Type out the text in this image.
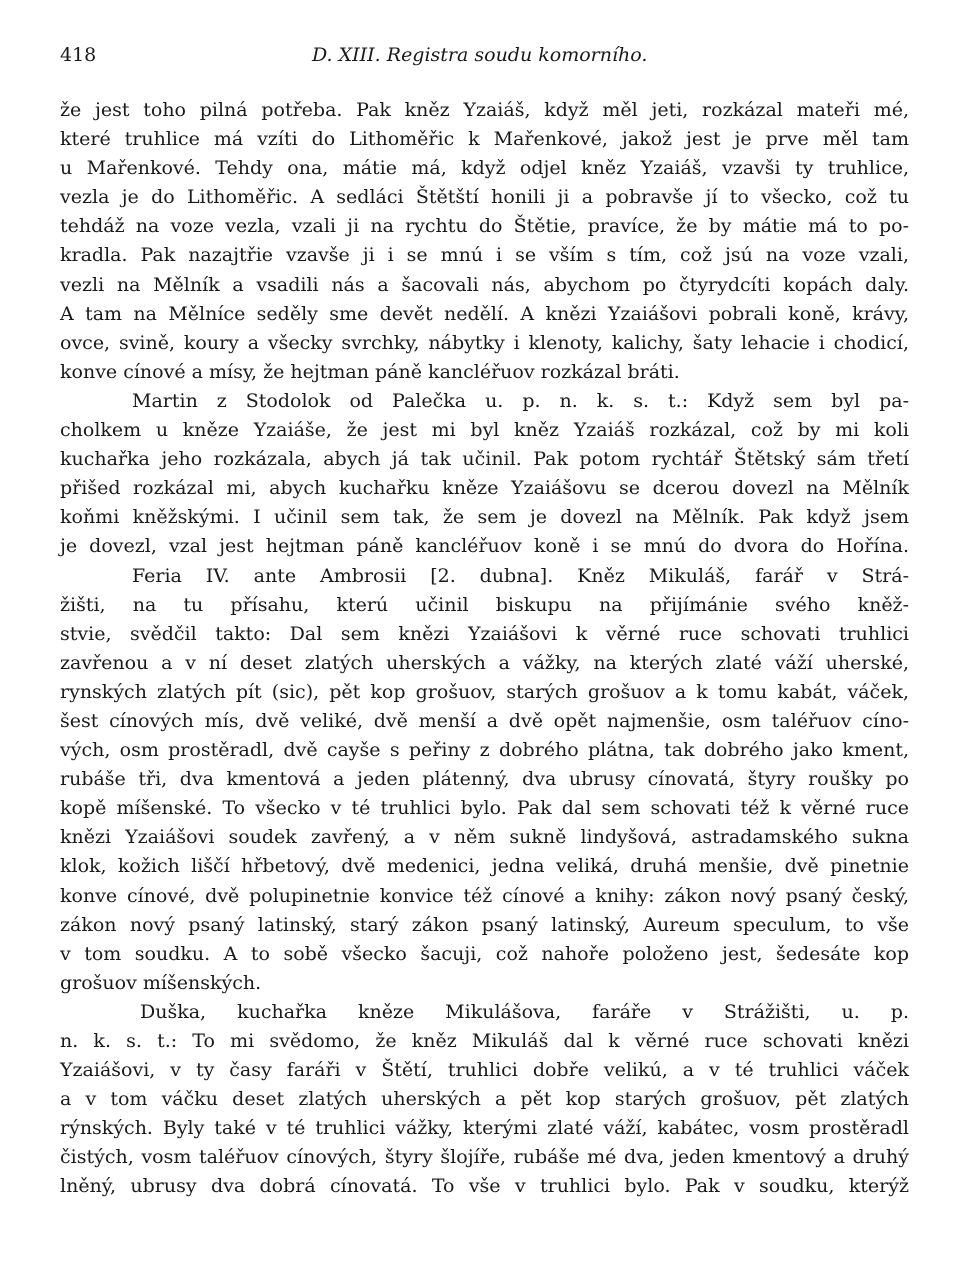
418	D. XIII. Registra soudu komorního.
že jest toho pilná potřeba. Pak kněz Yzaiáš, když měl jeti, rozkázal mateři mé,
které truhlice má vzíti do Lithoměřic k Mařenkové, jakož jest je prve měl tam
u Mařenkové. Tehdy ona, mátie má, když odjel kněz Yzaiáš, vzavši ty truhlice,
vezla je do Lithoměřic. A sedláci Štětští honili ji a pobravše jí to všecko, což tu
tehdáž na voze vezla, vzali ji na rychtu do Štětie, pravíce, že by mátie má to po-
kradla. Pak nazajtřie vzavše ji i se mnú i se vším s tím, což jsú na voze vzali,
vezli na Mělník a vsadili nás a šacovali nás, abychom po čtyrydcíti kopách daly.
A tam na Mělníce seděly sme devět nedělí. A knězi Yzaiášovi pobrali koně, krávy,
ovce, svině, koury a všecky svrchky, nábytky i klenoty, kalichy, šaty lehacie i chodicí,
konve cínové a mísy, že hejtman páně kancléřuov rozkázal bráti.
Martin z Stodolok od Palečka u. p. n. k. s. t.: Když sem byl pa-
cholkem u kněze Yzaiáše, že jest mi byl kněz Yzaiáš rozkázal, což by mi koli
kuchařka jeho rozkázala, abych já tak učinil. Pak potom rychtář Štětský sám třetí
přišed rozkázal mi, abych kuchařku kněze Yzaiášovu se dcerou dovezl na Mělník
koňmi kněžskými. I učinil sem tak, že sem je dovezl na Mělník. Pak když jsem
je dovezl, vzal jest hejtman páně kancléřuov koně i se mnú do dvora do Hořína.
Feria IV. ante Ambrosii [2. dubna]. Kněz Mikuláš, farář v Strá-
žišti, na tu přísahu, kterú učinil biskupu na přijímánie svého kněž-
stvie, svědčil takto: Dal sem knězi Yzaiášovi k věrné ruce schovati truhlici
zavřenou a v ní deset zlatých uherských a vážky, na kterých zlaté váží uherské,
rynských zlatých pít (sic), pět kop grošuov, starých grošuov a k tomu kabát, váček,
šest cínových mís, dvě veliké, dvě menší a dvě opět najmenšie, osm taléřuov cíno-
vých, osm prostěradl, dvě cayše s peřiny z dobrého plátna, tak dobrého jako kment,
rubáše tři, dva kmentová a jeden plátenný, dva ubrusy cínovatá, štyry roušky po
kopě míšenské. To všecko v té truhlici bylo. Pak dal sem schovati též k věrné ruce
knězi Yzaiášovi soudek zavřený, a v něm sukně lindyšová, astradamského sukna
klok, kožich liščí hřbetový, dvě medenici, jedna veliká, druhá menšie, dvě pinetnie
konve cínové, dvě polupinetnie konvice též cínové a knihy: zákon nový psaný český,
zákon nový psaný latinský, starý zákon psaný latinský, Aureum speculum, to vše
v tom soudku. A to sobě všecko šacuji, což nahoře položeno jest, šedesáte kop
grošuov míšenských.
Duška, kuchařka kněze Mikulášova, faráře v Strážišti, u. p.
n. k. s. t.: To mi svědomo, že kněz Mikuláš dal k věrné ruce schovati knězi
Yzaiášovi, v ty časy faráři v Štětí, truhlici dobře velikú, a v té truhlici váček
a v tom váčku deset zlatých uherských a pět kop starých grošuov, pět zlatých
rýnských. Byly také v té truhlici vážky, kterými zlaté váží, kabátec, vosm prostěradl
čistých, vosm taléřuov cínových, štyry šlojíře, rubáše mé dva, jeden kmentový a druhý
lněný, ubrusy dva dobrá cínovatá. To vše v truhlici bylo. Pak v soudku, kterýž
